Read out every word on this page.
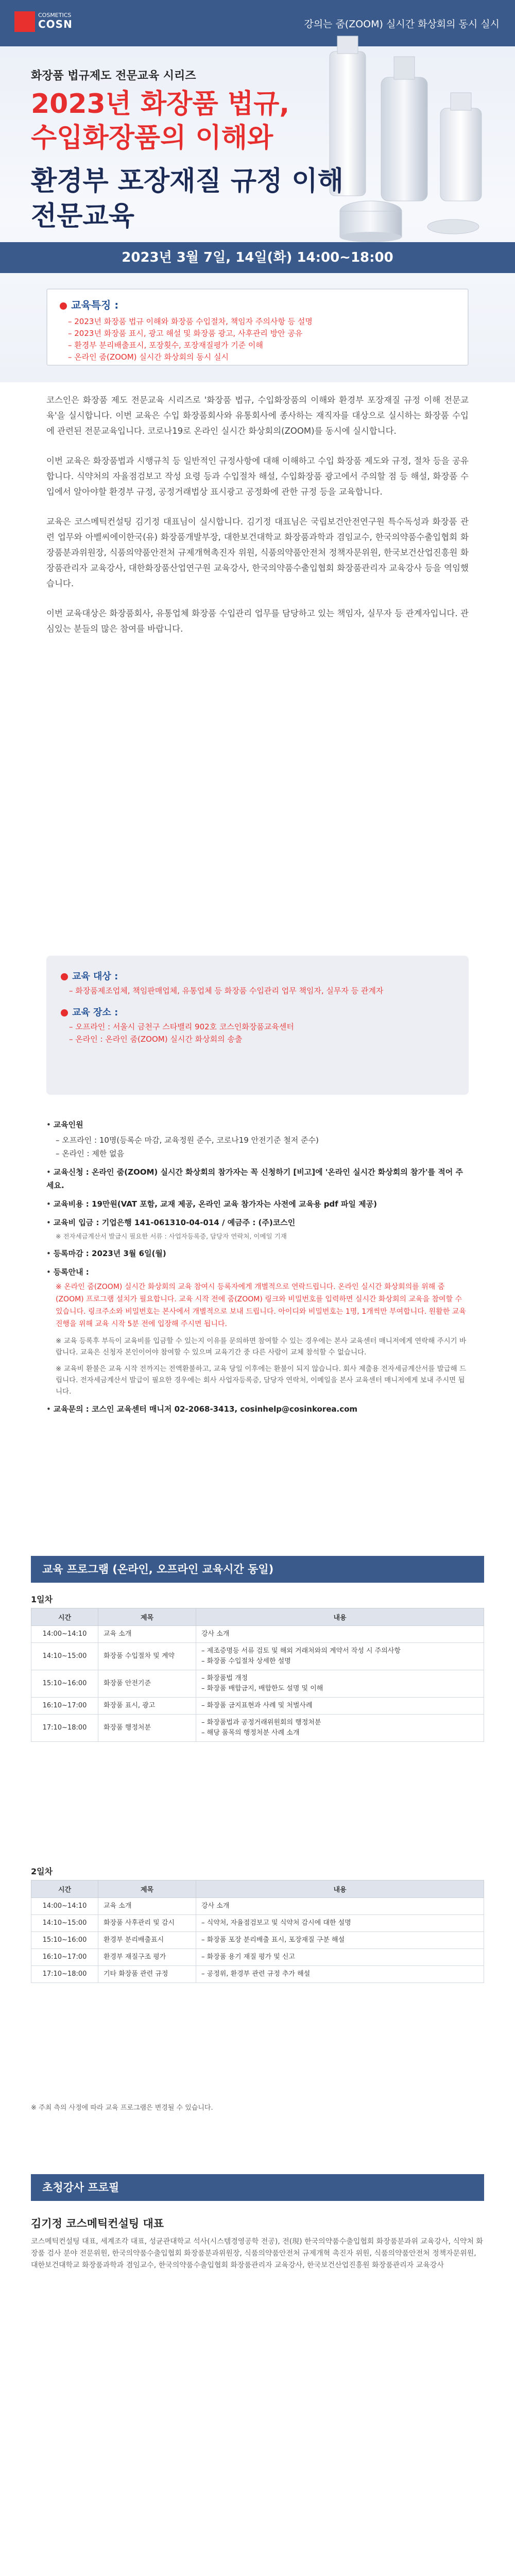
COSMETICS
COSN	강의는 줌(ZOOM) 실시간 화상회의 동시 실시
화장품 법규제도 전문교육 시리즈
2023년 화장품 법규,
수입화장품의 이해와
환경부 포장재질 규정 이해
전문교육
2023년 3월 7일, 14일(화) 14:00~18:00
교육특징 :
– 2023년 화장품 법규 이해와 화장품 수입절차, 책임자 주의사항 등 설명
– 2023년 화장품 표시, 광고 해설 및 화장품 광고, 사후관리 방안 공유
– 환경부 분리배출표시, 포장횟수, 포장재질평가 기준 이해
– 온라인 줌(ZOOM) 실시간 화상회의 동시 실시

코스인은 화장품 제도 전문교육 시리즈로 '화장품 법규, 수입화장품의 이해와 환경부 포장재질 규정 이해 전문교육'을 실시합니다. 이번 교육은 수입 화장품회사와 유통회사에 종사하는 재직자를 대상으로 실시하는 화장품 수입에 관련된 전문교육입니다. 코로나19로 온라인 실시간 화상회의(ZOOM)를 동시에 실시합니다.

이번 교육은 화장품법과 시행규칙 등 일반적인 규정사항에 대해 이해하고 수입 화장품 제도와 규정, 절차 등을 공유합니다. 식약처의 자율점검보고 작성 요령 등과 수입절차 해설, 수입화장품 광고에서 주의할 점 등 해설, 화장품 수입에서 알아야할 환경부 규정, 공정거래법상 표시광고 공정화에 관한 규정 등을 교육합니다.

교육은 코스메틱컨설팅 김기정 대표님이 실시합니다. 김기정 대표님은 국립보건안전연구원 특수독성과 화장품 관련 업무와 아벨씨에이한국(유) 화장품개발부장, 대한보건대학교 화장품과학과 겸임교수, 한국의약품수출입협회 화장품분과위원장, 식품의약품안전처 규제개혁촉진자 위원, 식품의약품안전처 정책자문위원, 한국보건산업진흥원 화장품관리자 교육강사, 대한화장품산업연구원 교육강사, 한국의약품수출입협회 화장품관리자 교육강사 등을 역임했습니다.

이번 교육대상은 화장품회사, 유통업체 화장품 수입관리 업무를 담당하고 있는 책임자, 실무자 등 관계자입니다. 관심있는 분들의 많은 참여를 바랍니다.

교육 대상 :
– 화장품제조업체, 책임판매업체, 유통업체 등 화장품 수입관리 업무 책임자, 실무자 등 관계자
교육 장소 :
– 오프라인 : 서울시 금천구 스타밸리 902호 코스인화장품교육센터
– 온라인 : 온라인 줌(ZOOM) 실시간 화상회의 송출
• 교육인원
– 오프라인 : 10명(등록순 마감, 교육정원 준수, 코로나19 안전기준 철저 준수)
– 온라인 : 제한 없음
• 교육신청 : 온라인 줌(ZOOM) 실시간 화상회의 참가자는 꼭 신청하기 [비고]에 '온라인 실시간 화상회의 참가'를 적어 주세요.
• 교육비용 : 19만원(VAT 포함, 교재 제공, 온라인 교육 참가자는 사전에 교육용 pdf 파일 제공)
• 교육비 입금 : 기업은행 141-061310-04-014 / 예금주 : (주)코스인
※ 전자세금계산서 발급시 필요한 서류 : 사업자등록증, 담당자 연락처, 이메일 기재
• 등록마감 : 2023년 3월 6일(월)
• 등록안내 :
※ 온라인 줌(ZOOM) 실시간 화상회의 교육 참여시 등록자에게 개별적으로 연락드립니다. 온라인 실시간 화상회의를 위해 줌(ZOOM) 프로그램 설치가 필요합니다. 교육 시작 전에 줌(ZOOM) 링크와 비밀번호를 입력하면 실시간 화상회의 교육을 참여할 수 있습니다. 링크주소와 비밀번호는 본사에서 개별적으로 보내 드립니다. 아이디와 비밀번호는 1명, 1개씩만 부여합니다. 원활한 교육 진행을 위해 교육 시작 5분 전에 입장해 주시면 됩니다.
※ 교육 등록후 부득이 교육비를 입금할 수 있는지 이유를 문의하면 참여할 수 있는 경우에는 본사 교육센터 매니저에게 연락해 주시기 바랍니다. 교육은 신청자 본인이어야 참여할 수 있으며 교육기간 중 다른 사람이 교체 참석할 수 없습니다.
※ 교육비 환불은 교육 시작 전까지는 전액환불하고, 교육 당일 이후에는 환불이 되지 않습니다. 회사 제출용 전자세금계산서를 발급해 드립니다. 전자세금계산서 발급이 필요한 경우에는 회사 사업자등록증, 담당자 연락처, 이메일을 본사 교육센터 매니저에게 보내 주시면 됩니다.
• 교육문의 : 코스인 교육센터 매니저 02-2068-3413, cosinhelp@cosinkorea.com
교육 프로그램 (온라인, 오프라인 교육시간 동일)
1일차
시간	제목	내용
14:00~14:10	교육 소개	강사 소개
14:10~15:00	화장품 수입절차 및 계약	– 제조증명등 서류 검토 및 해외 거래처와의 계약서 작성 시 주의사항
– 화장품 수입절차 상세한 설명
15:10~16:00	화장품 안전기준	– 화장품법 개정
– 화장품 배합금지, 배합한도 설명 및 이해
16:10~17:00	화장품 표시, 광고	– 화장품 금지표현과 사례 및 처벌사례
17:10~18:00	화장품 행정처분	– 화장품법과 공정거래위원회의 행정처분
– 해당 품목의 행정처분 사례 소개
2일차
시간	제목	내용
14:00~14:10	교육 소개	강사 소개
14:10~15:00	화장품 사후관리 및 감시	– 식약처, 자율점검보고 및 식약처 감시에 대한 설명
15:10~16:00	환경부 분리배출표시	– 화장품 포장 분리배출 표시, 포장재질 구분 해설
16:10~17:00	환경부 재질구조 평가	– 화장품 용기 재질 평가 및 신고
17:10~18:00	기타 화장품 관련 규정	– 공정위, 환경부 관련 규정 추가 해설
※ 주최 측의 사정에 따라 교육 프로그램은 변경될 수 있습니다.
초청강사 프로필
김기정 코스메틱컨설팅 대표
코스메틱컨설팅 대표, 세계조각 대표, 성균관대학교 석사(시스템경영공학 전공), 전(現) 한국의약품수출입협회 화장품분과위 교육강사, 식약처 화장품 검사 분야 전문위원, 한국의약품수출입협회 화장품분과위원장, 식품의약품안전처 규제개혁 촉진자 위원, 식품의약품안전처 정책자문위원, 대한보건대학교 화장품과학과 겸임교수, 한국의약품수출입협회 화장품관리자 교육강사, 한국보건산업진흥원 화장품관리자 교육강사
